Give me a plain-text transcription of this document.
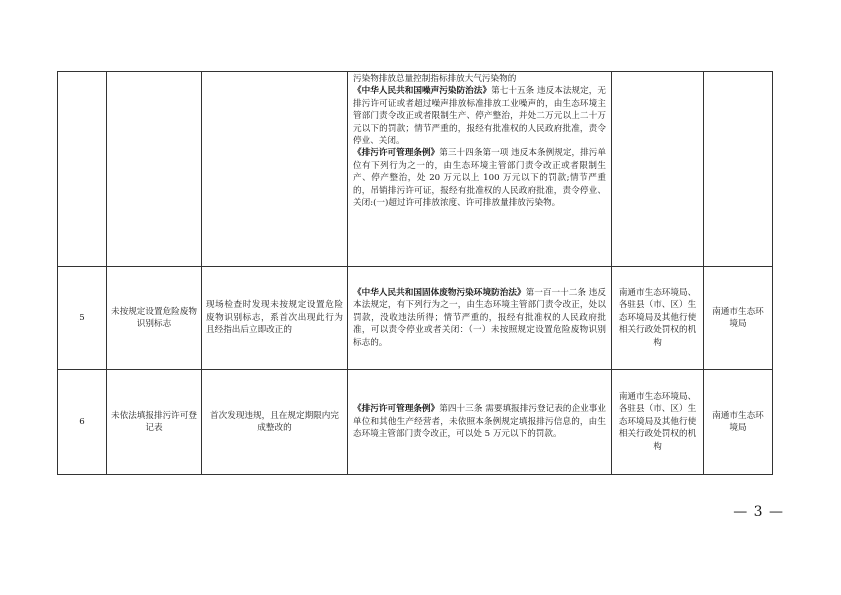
			污染物排放总量控制指标排放大气污染物的

《中华人民共和国噪声污染防治法》第七十五条 违反本法规定，无排污许可证或者超过噪声排放标准排放工业噪声的，由生态环境主管部门责令改正或者限制生产、停产整治，并处二万元以上二十万元以下的罚款；情节严重的，报经有批准权的人民政府批准，责令停业、关闭。

《排污许可管理条例》第三十四条第一项 违反本条例规定，排污单位有下列行为之一的，由生态环境主管部门责令改正或者限制生产、停产整治，处 20 万元以上 100 万元以下的罚款;情节严重的，吊销排污许可证，报经有批准权的人民政府批准，责令停业、关闭:(一)超过许可排放浓度、许可排放量排放污染物。		

5	未按规定设置危险废物识别标志	现场检查时发现未按规定设置危险废物识别标志，系首次出现此行为且经指出后立即改正的	《中华人民共和国固体废物污染环境防治法》第一百一十二条 违反本法规定，有下列行为之一，由生态环境主管部门责令改正，处以罚款，没收违法所得；情节严重的，报经有批准权的人民政府批准，可以责令停业或者关闭：（一）未按照规定设置危险废物识别标志的。	南通市生态环境局、各驻县（市、区）生态环境局及其他行使相关行政处罚权的机构	南通市生态环境局
6	未依法填报排污许可登记表	首次发现违规，且在规定期限内完成整改的	《排污许可管理条例》第四十三条 需要填报排污登记表的企业事业单位和其他生产经营者，未依照本条例规定填报排污信息的，由生态环境主管部门责令改正，可以处 5 万元以下的罚款。	南通市生态环境局、各驻县（市、区）生态环境局及其他行使相关行政处罚权的机构	南通市生态环境局
— 3 —
